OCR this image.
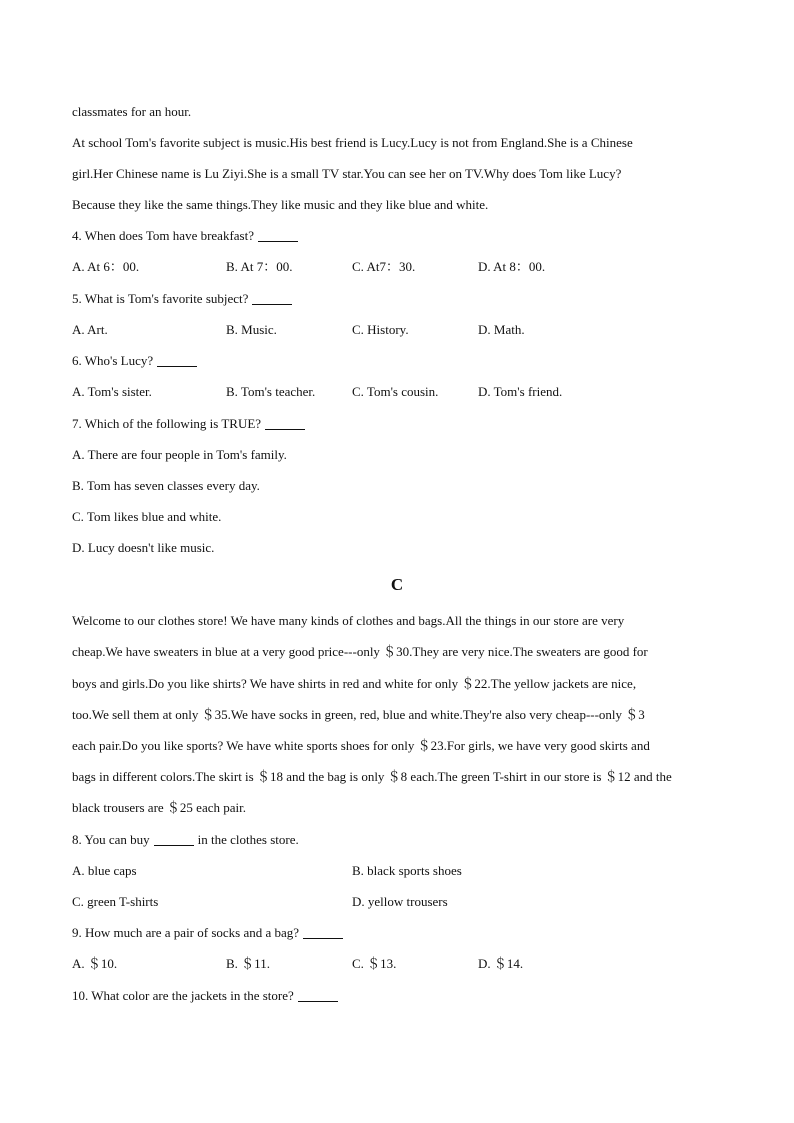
classmates for an hour.
At school Tom's favorite subject is music.His best friend is Lucy.Lucy is not from England.She is a Chinese
girl.Her Chinese name is Lu Ziyi.She is a small TV star.You can see her on TV.Why does Tom like Lucy?
Because they like the same things.They like music and they like blue and white.
4. When does Tom have breakfast?
A. At 6：00.	B. At 7：00.	C. At7：30.	D. At 8：00.
5. What is Tom's favorite subject?
A. Art.	B. Music.	C. History.	D. Math.
6. Who's Lucy?
A. Tom's sister.	B. Tom's teacher.	C. Tom's cousin.	D. Tom's friend.
7. Which of the following is TRUE?
A. There are four people in Tom's family.
B. Tom has seven classes every day.
C. Tom likes blue and white.
D. Lucy doesn't like music.
C
Welcome to our clothes store! We have many kinds of clothes and bags.All the things in our store are very
cheap.We have sweaters in blue at a very good price---only ＄30.They are very nice.The sweaters are good for
boys and girls.Do you like shirts? We have shirts in red and white for only ＄22.The yellow jackets are nice,
too.We sell them at only ＄35.We have socks in green, red, blue and white.They're also very cheap---only ＄3
each pair.Do you like sports? We have white sports shoes for only ＄23.For girls, we have very good skirts and
bags in different colors.The skirt is ＄18 and the bag is only ＄8 each.The green T-shirt in our store is ＄12 and the
black trousers are ＄25 each pair.
8. You can buy	in the clothes store.
A. blue caps	B. black sports shoes
C. green T-shirts	D. yellow trousers
9. How much are a pair of socks and a bag?
A. ＄10.	B. ＄11.	C. ＄13.	D. ＄14.
10. What color are the jackets in the store?
